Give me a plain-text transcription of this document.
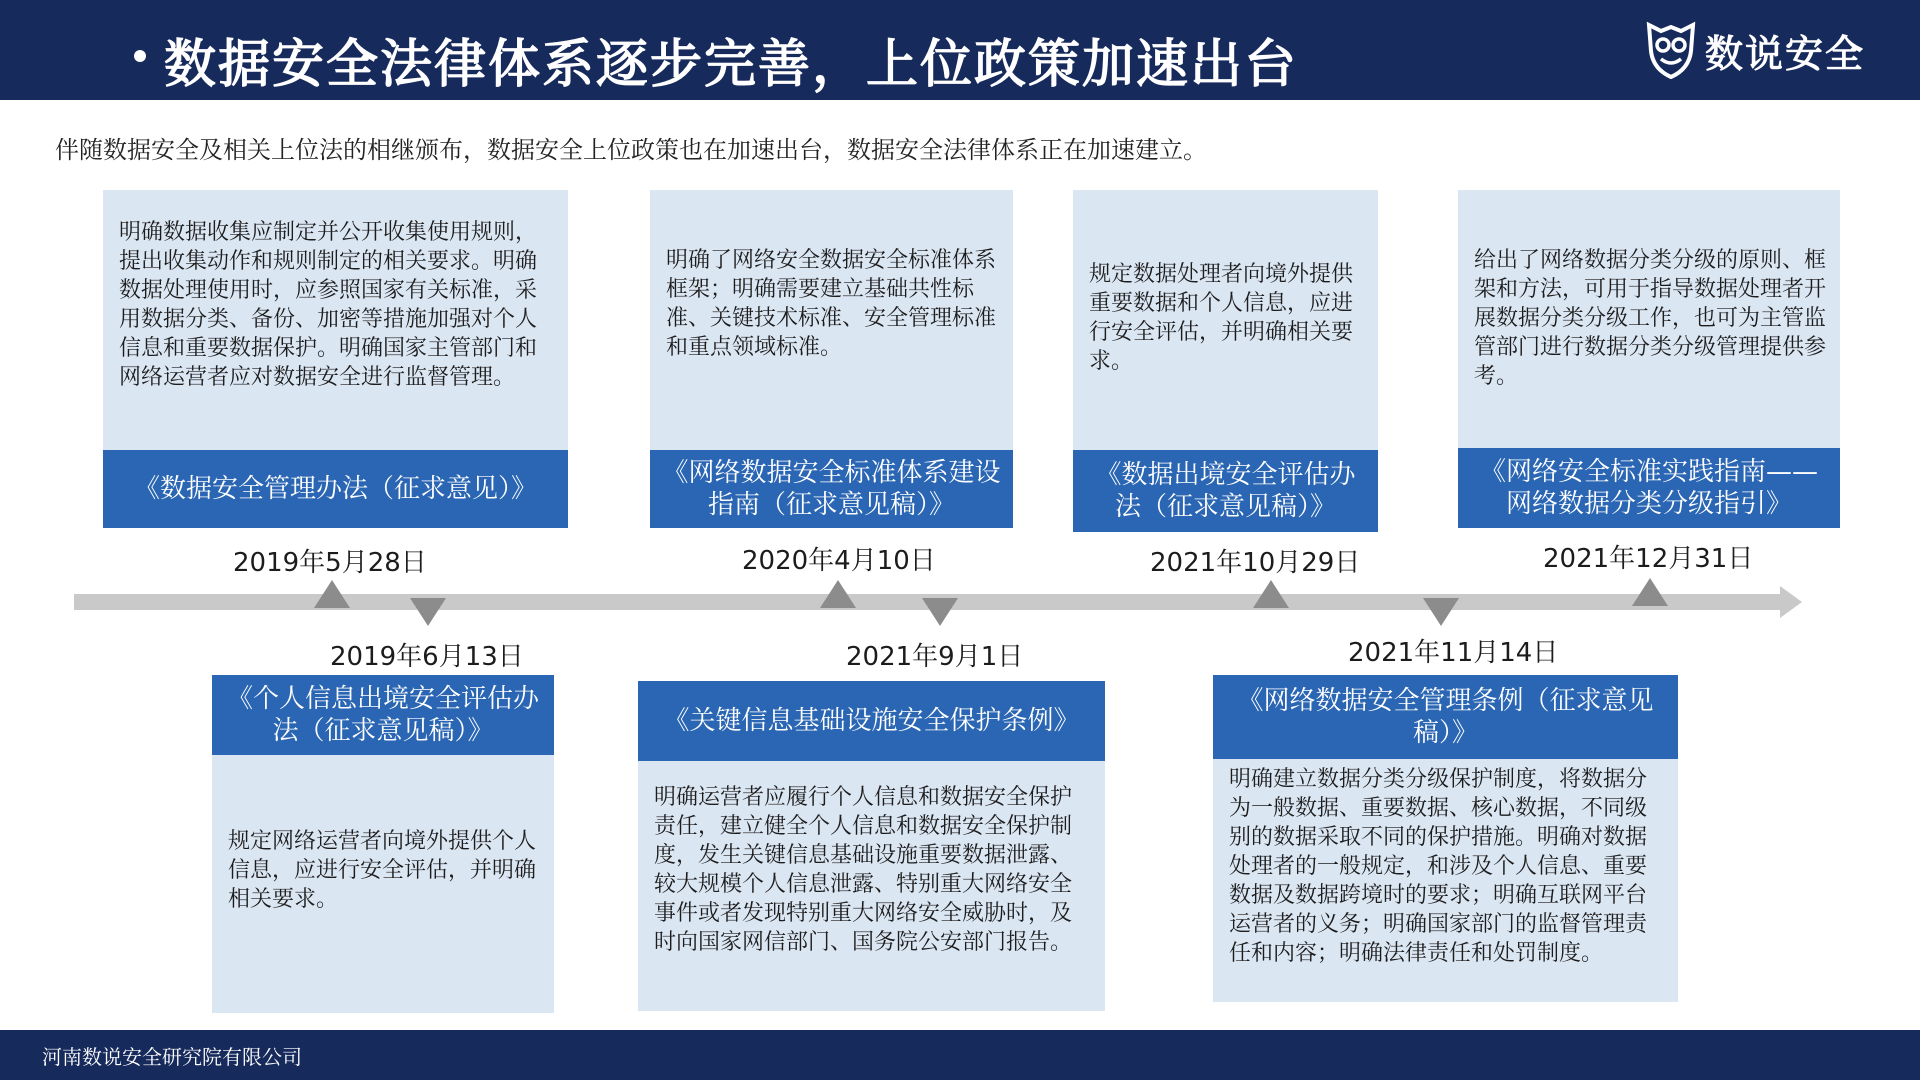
数据安全法律体系逐步完善，上位政策加速出台	数说安全
伴随数据安全及相关上位法的相继颁布，数据安全上位政策也在加速出台，数据安全法律体系正在加速建立。
明确数据收集应制定并公开收集使用规则，提出收集动作和规则制定的相关要求。明确数据处理使用时，应参照国家有关标准，采用数据分类、备份、加密等措施加强对个人信息和重要数据保护。明确国家主管部门和网络运营者应对数据安全进行监督管理。
《数据安全管理办法（征求意见）》
2019年5月28日
明确了网络安全数据安全标准体系框架；明确需要建立基础共性标准、关键技术标准、安全管理标准和重点领域标准。
《网络数据安全标准体系建设指南（征求意见稿）》
2020年4月10日
规定数据处理者向境外提供重要数据和个人信息，应进行安全评估，并明确相关要求。
《数据出境安全评估办法（征求意见稿）》
2021年10月29日
给出了网络数据分类分级的原则、框架和方法，可用于指导数据处理者开展数据分类分级工作，也可为主管监管部门进行数据分类分级管理提供参考。
《网络安全标准实践指南——网络数据分类分级指引》
2021年12月31日
2019年6月13日
《个人信息出境安全评估办法（征求意见稿）》
规定网络运营者向境外提供个人信息，应进行安全评估，并明确相关要求。
2021年9月1日
《关键信息基础设施安全保护条例》
明确运营者应履行个人信息和数据安全保护责任，建立健全个人信息和数据安全保护制度，发生关键信息基础设施重要数据泄露、较大规模个人信息泄露、特别重大网络安全事件或者发现特别重大网络安全威胁时，及时向国家网信部门、国务院公安部门报告。
2021年11月14日
《网络数据安全管理条例（征求意见稿）》
明确建立数据分类分级保护制度，将数据分为一般数据、重要数据、核心数据，不同级别的数据采取不同的保护措施。明确对数据处理者的一般规定，和涉及个人信息、重要数据及数据跨境时的要求；明确互联网平台运营者的义务；明确国家部门的监督管理责任和内容；明确法律责任和处罚制度。
河南数说安全研究院有限公司
